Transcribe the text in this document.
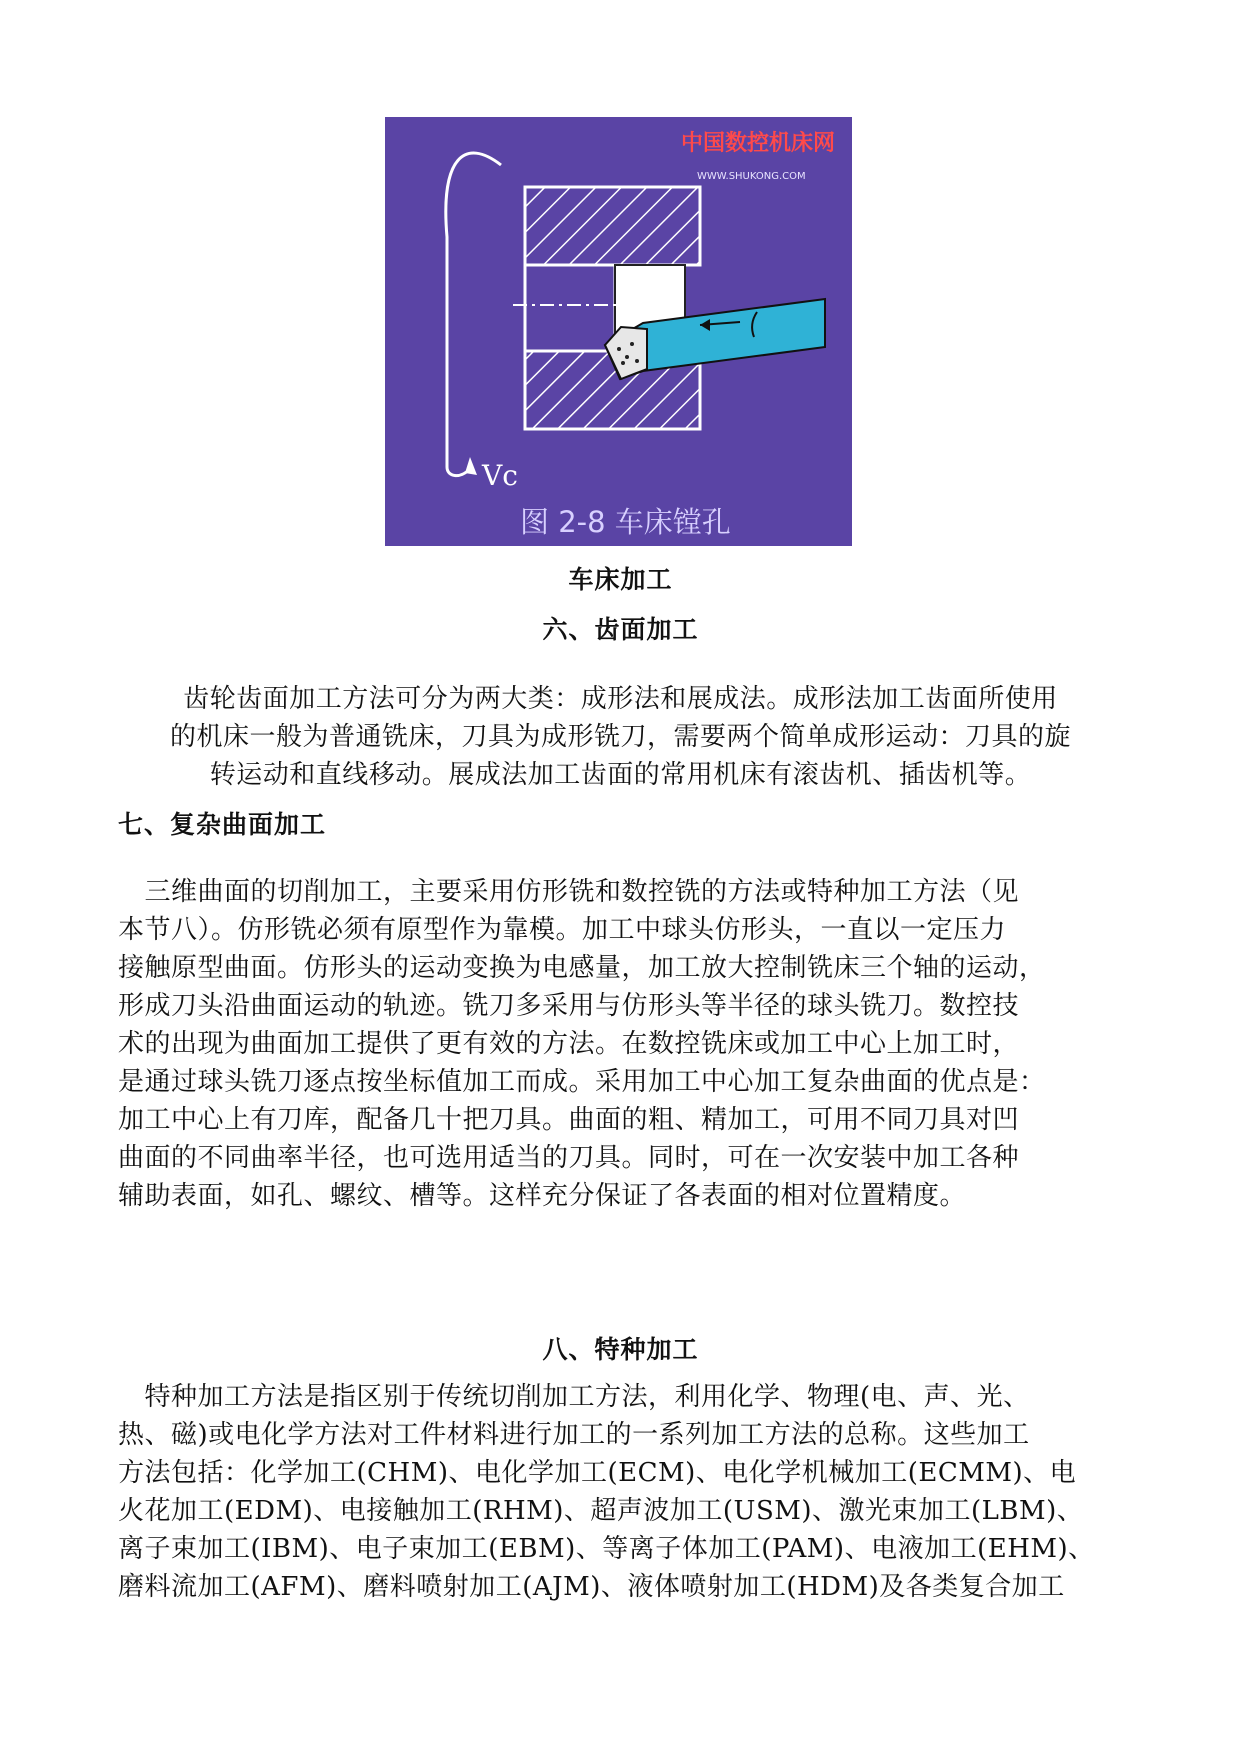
中国数控机床网
WWW.SHUKONG.COM
Vc
图 2-8 车床镗孔
车床加工
六、齿面加工
齿轮齿面加工方法可分为两大类：成形法和展成法。成形法加工齿面所使用
的机床一般为普通铣床，刀具为成形铣刀，需要两个简单成形运动：刀具的旋
转运动和直线移动。展成法加工齿面的常用机床有滚齿机、插齿机等。
七、复杂曲面加工
　三维曲面的切削加工，主要采用仿形铣和数控铣的方法或特种加工方法（见
本节八）。仿形铣必须有原型作为靠模。加工中球头仿形头，一直以一定压力
接触原型曲面。仿形头的运动变换为电感量，加工放大控制铣床三个轴的运动，
形成刀头沿曲面运动的轨迹。铣刀多采用与仿形头等半径的球头铣刀。数控技
术的出现为曲面加工提供了更有效的方法。在数控铣床或加工中心上加工时，
是通过球头铣刀逐点按坐标值加工而成。采用加工中心加工复杂曲面的优点是：
加工中心上有刀库，配备几十把刀具。曲面的粗、精加工，可用不同刀具对凹
曲面的不同曲率半径，也可选用适当的刀具。同时，可在一次安装中加工各种
辅助表面，如孔、螺纹、槽等。这样充分保证了各表面的相对位置精度。
八、特种加工
　特种加工方法是指区别于传统切削加工方法，利用化学、物理(电、声、光、
热、磁)或电化学方法对工件材料进行加工的一系列加工方法的总称。这些加工
方法包括：化学加工(CHM)、电化学加工(ECM)、电化学机械加工(ECMM)、电
火花加工(EDM)、电接触加工(RHM)、超声波加工(USM)、激光束加工(LBM)、
离子束加工(IBM)、电子束加工(EBM)、等离子体加工(PAM)、电液加工(EHM)、
磨料流加工(AFM)、磨料喷射加工(AJM)、液体喷射加工(HDM)及各类复合加工
